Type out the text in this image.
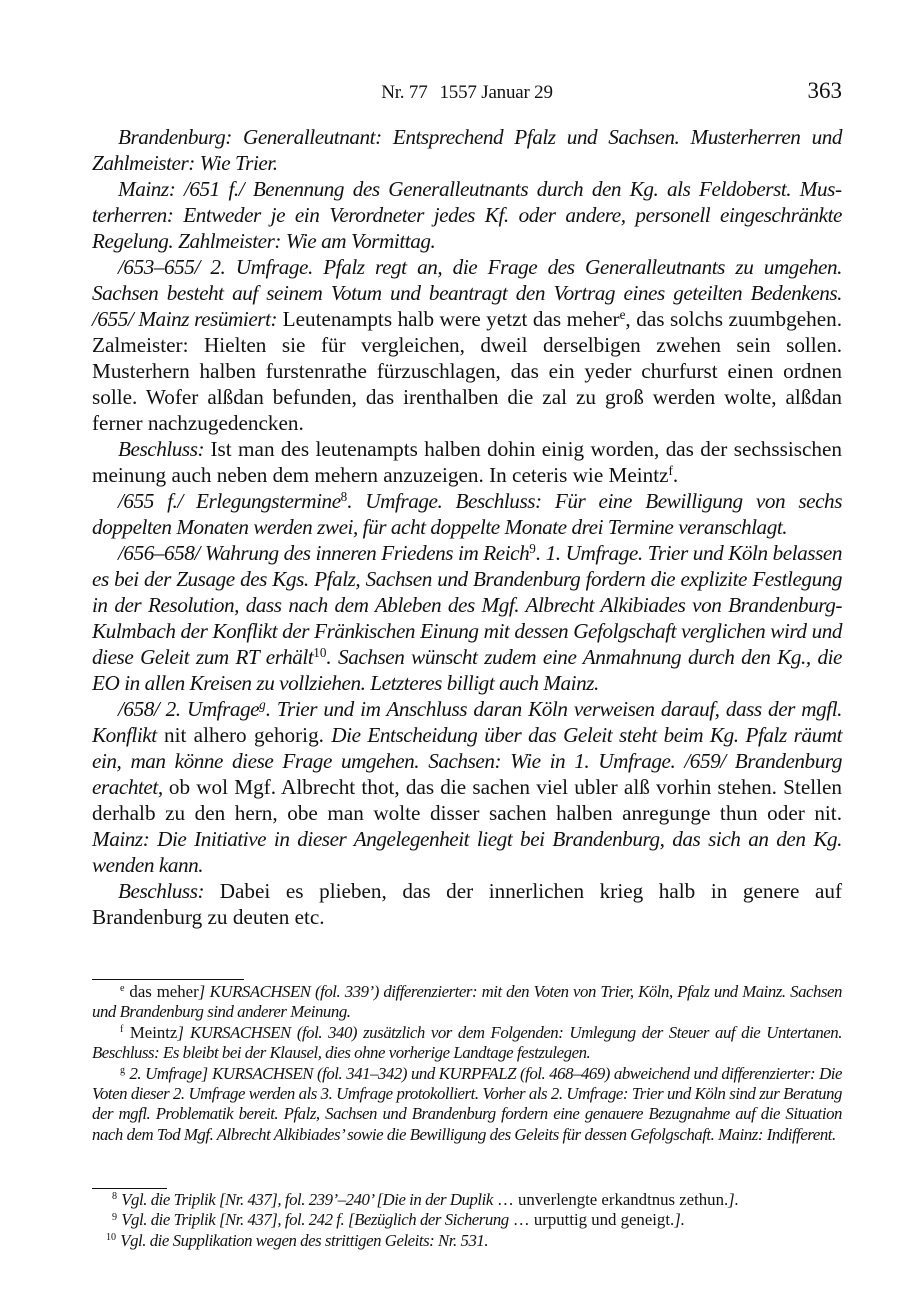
Nr. 77 1557 Januar 29	363

Brandenburg: Generalleutnant: Entsprechend Pfalz und Sachsen. Musterherren und Zahlmeister: Wie Trier.

Mainz: /651 f./ Benennung des Generalleutnants durch den Kg. als Feldoberst. Musterherren: Entweder je ein Verordneter jedes Kf. oder andere, personell eingeschränkte Regelung. Zahlmeister: Wie am Vormittag.

/653–655/ 2. Umfrage. Pfalz regt an, die Frage des Generalleutnants zu umgehen. Sachsen besteht auf seinem Votum und beantragt den Vortrag eines geteilten Bedenkens. /655/ Mainz resümiert: Leutenampts halb were yetzt das meher$^e$, das solchs zuumbgehen. Zalmeister: Hielten sie für vergleichen, dweil derselbigen zwehen sein sollen. Musterhern halben furstenrathe fürzuschlagen, das ein yeder churfurst einen ordnen solle. Wofer alßdan befunden, das irenthalben die zal zu groß werden wolte, alßdan ferner nachzugedencken.

Beschluss: Ist man des leutenampts halben dohin einig worden, das der sechssischen meinung auch neben dem mehern anzuzeigen. In ceteris wie Meintz$^f$.

/655 f./ Erlegungstermine$^8$. Umfrage. Beschluss: Für eine Bewilligung von sechs doppelten Monaten werden zwei, für acht doppelte Monate drei Termine veranschlagt.

/656–658/ Wahrung des inneren Friedens im Reich$^9$. 1. Umfrage. Trier und Köln belassen es bei der Zusage des Kgs. Pfalz, Sachsen und Brandenburg fordern die explizite Festlegung in der Resolution, dass nach dem Ableben des Mgf. Albrecht Alkibiades von Brandenburg-Kulmbach der Konflikt der Fränkischen Einung mit dessen Gefolgschaft verglichen wird und diese Geleit zum RT erhält$^{10}$. Sachsen wünscht zudem eine Anmahnung durch den Kg., die EO in allen Kreisen zu vollziehen. Letzteres billigt auch Mainz.

/658/ 2. Umfrage$^g$. Trier und im Anschluss daran Köln verweisen darauf, dass der mgfl. Konflikt nit alhero gehorig. Die Entscheidung über das Geleit steht beim Kg. Pfalz räumt ein, man könne diese Frage umgehen. Sachsen: Wie in 1. Umfrage. /659/ Brandenburg erachtet, ob wol Mgf. Albrecht thot, das die sachen viel ubler alß vorhin stehen. Stellen derhalb zu den hern, obe man wolte disser sachen halben anregunge thun oder nit. Mainz: Die Initiative in dieser Angelegenheit liegt bei Brandenburg, das sich an den Kg. wenden kann.

Beschluss: Dabei es plieben, das der innerlichen krieg halb in genere auf Brandenburg zu deuten etc.

$^e$ das meher] KURSACHSEN (fol. 339’) differenzierter: mit den Voten von Trier, Köln, Pfalz und Mainz. Sachsen und Brandenburg sind anderer Meinung.

$^f$ Meintz] KURSACHSEN (fol. 340) zusätzlich vor dem Folgenden: Umlegung der Steuer auf die Untertanen. Beschluss: Es bleibt bei der Klausel, dies ohne vorherige Landtage festzulegen.

$^g$ 2. Umfrage] KURSACHSEN (fol. 341–342) und KURPFALZ (fol. 468–469) abweichend und differenzierter: Die Voten dieser 2. Umfrage werden als 3. Umfrage protokolliert. Vorher als 2. Umfrage: Trier und Köln sind zur Beratung der mgfl. Problematik bereit. Pfalz, Sachsen und Brandenburg fordern eine genauere Bezugnahme auf die Situation nach dem Tod Mgf. Albrecht Alkibiades’ sowie die Bewilligung des Geleits für dessen Gefolgschaft. Mainz: Indifferent.

$^8$ Vgl. die Triplik [Nr. 437], fol. 239’–240’ [Die in der Duplik … unverlengte erkandtnus zethun.].

$^9$ Vgl. die Triplik [Nr. 437], fol. 242 f. [Bezüglich der Sicherung … urputtig und geneigt.].

$^{10}$ Vgl. die Supplikation wegen des strittigen Geleits: Nr. 531.
